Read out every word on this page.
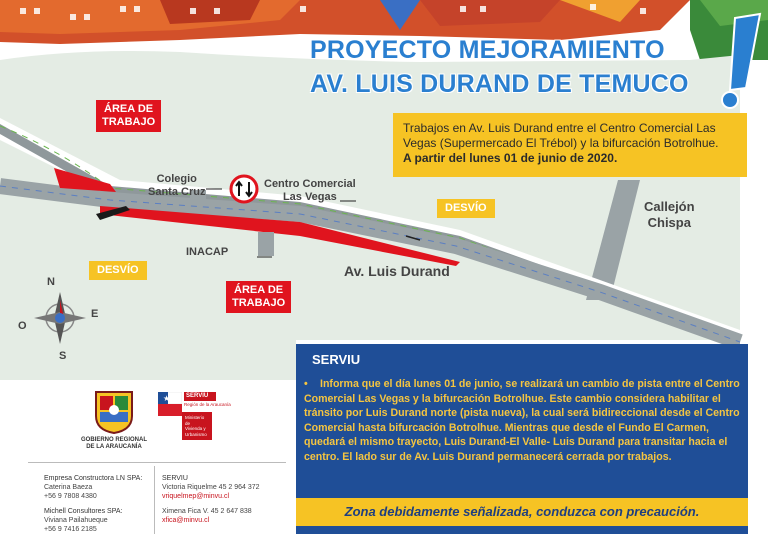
PROYECTO MEJORAMIENTO
AV. LUIS DURAND DE TEMUCO
Trabajos en Av. Luis Durand entre el Centro Comercial Las Vegas (Supermercado El Trébol) y la bifurcación Botrolhue.
A partir del lunes 01 de junio de 2020.
ÁREA DE
TRABAJO
ÁREA DE
TRABAJO
DESVÍO
DESVÍO
Colegio
Santa Cruz
Centro Comercial
Las Vegas
Callejón
Chispa
INACAP
Av. Luis Durand
N
S
E
O
SERVIU
• Informa que el día lunes 01 de junio, se realizará un cambio de pista entre el Centro Comercial Las Vegas y la bifurcación Botrolhue. Este cambio considera habilitar el tránsito por Luis Durand norte (pista nueva), la cual será bidireccional desde el Centro Comercial hasta bifurcación Botrolhue. Mientras que desde el Fundo El Carmen, quedará el mismo trayecto, Luis Durand-El Valle- Luis Durand para transitar hacia el centro. El lado sur de Av. Luis Durand permanecerá cerrada por trabajos.
Zona debidamente señalizada, conduzca con precaución.
GOBIERNO REGIONAL
DE LA ARAUCANÍA
★	SERVIU
Región de la Araucanía
Ministerio de
Vivienda y
Urbanismo
Empresa Constructora LN SPA:
Caterina Baeza
+56 9 7808 4380
Michell Consultores SPA:
Viviana Pailahueque
+56 9 7416 2185
SERVIU
Victoria Riquelme 45 2 964 372
vriquelmep@minvu.cl
Ximena Fica V. 45 2 647 838
xfica@minvu.cl
